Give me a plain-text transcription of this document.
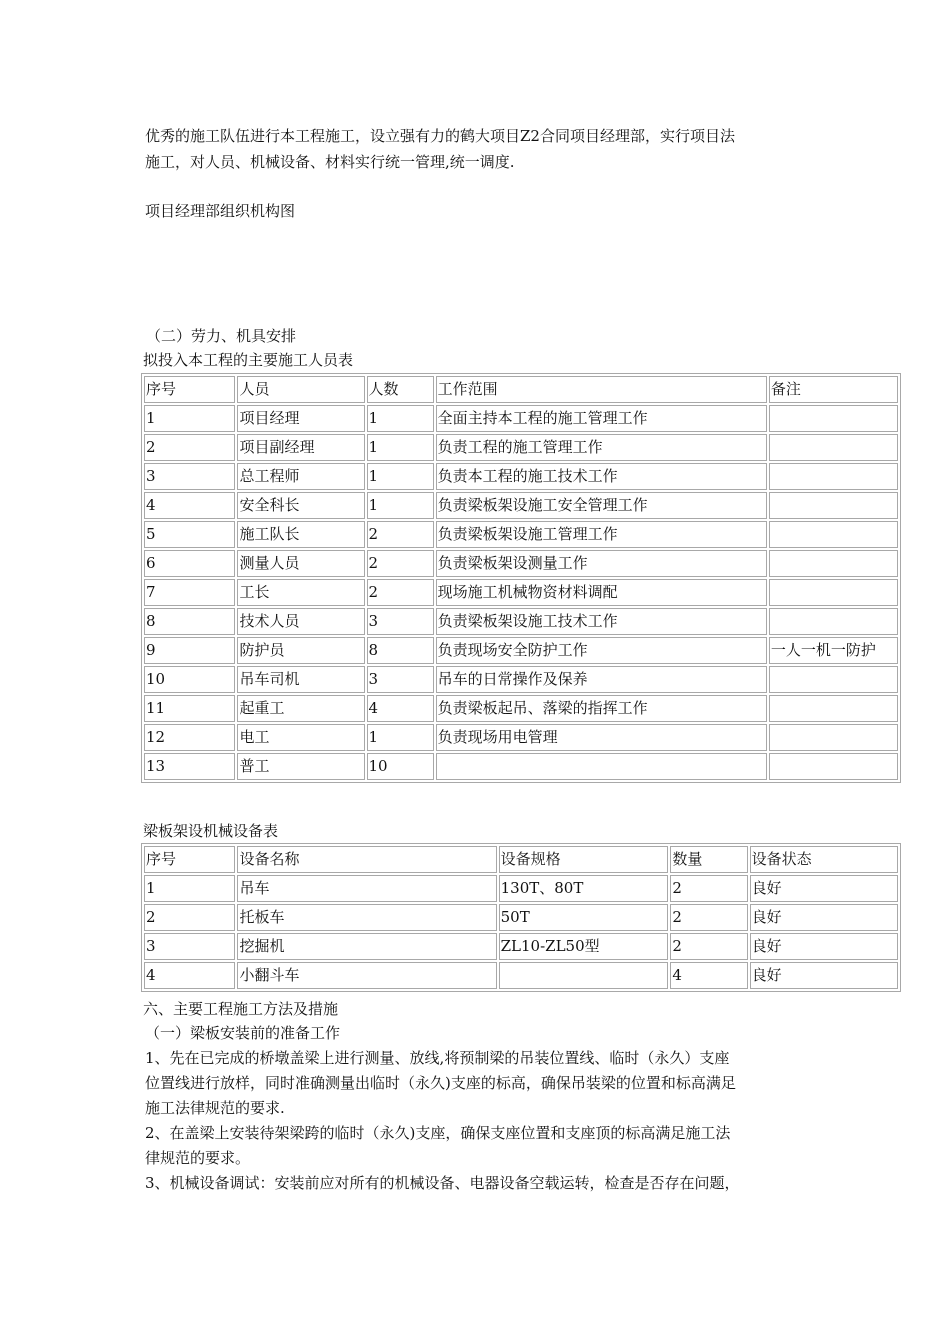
优秀的施工队伍进行本工程施工，设立强有力的鹤大项目Z2合同项目经理部，实行项目法
施工，对人员、机械设备、材料实行统一管理,统一调度.
项目经理部组织机构图
（二）劳力、机具安排
拟投入本工程的主要施工人员表
序号	人员	人数	工作范围	备注
1	项目经理	1	全面主持本工程的施工管理工作	
2	项目副经理	1	负责工程的施工管理工作	
3	总工程师	1	负责本工程的施工技术工作	
4	安全科长	1	负责梁板架设施工安全管理工作	
5	施工队长	2	负责梁板架设施工管理工作	
6	测量人员	2	负责梁板架设测量工作	
7	工长	2	现场施工机械物资材料调配	
8	技术人员	3	负责梁板架设施工技术工作	
9	防护员	8	负责现场安全防护工作	一人一机一防护
10	吊车司机	3	吊车的日常操作及保养	
11	起重工	4	负责梁板起吊、落梁的指挥工作	
12	电工	1	负责现场用电管理	
13	普工	10		
梁板架设机械设备表
序号	设备名称	设备规格	数量	设备状态
1	吊车	130T、80T	2	良好
2	托板车	50T	2	良好
3	挖掘机	ZL10-ZL50型	2	良好
4	小翻斗车		4	良好
六、主要工程施工方法及措施
（一）梁板安装前的准备工作
1、先在已完成的桥墩盖梁上进行测量、放线,将预制梁的吊装位置线、临时（永久）支座
位置线进行放样，同时准确测量出临时（永久)支座的标高，确保吊装梁的位置和标高满足
施工法律规范的要求.
2、在盖梁上安装待架梁跨的临时（永久)支座，确保支座位置和支座顶的标高满足施工法
律规范的要求。
3、机械设备调试：安装前应对所有的机械设备、电器设备空载运转，检查是否存在问题，
